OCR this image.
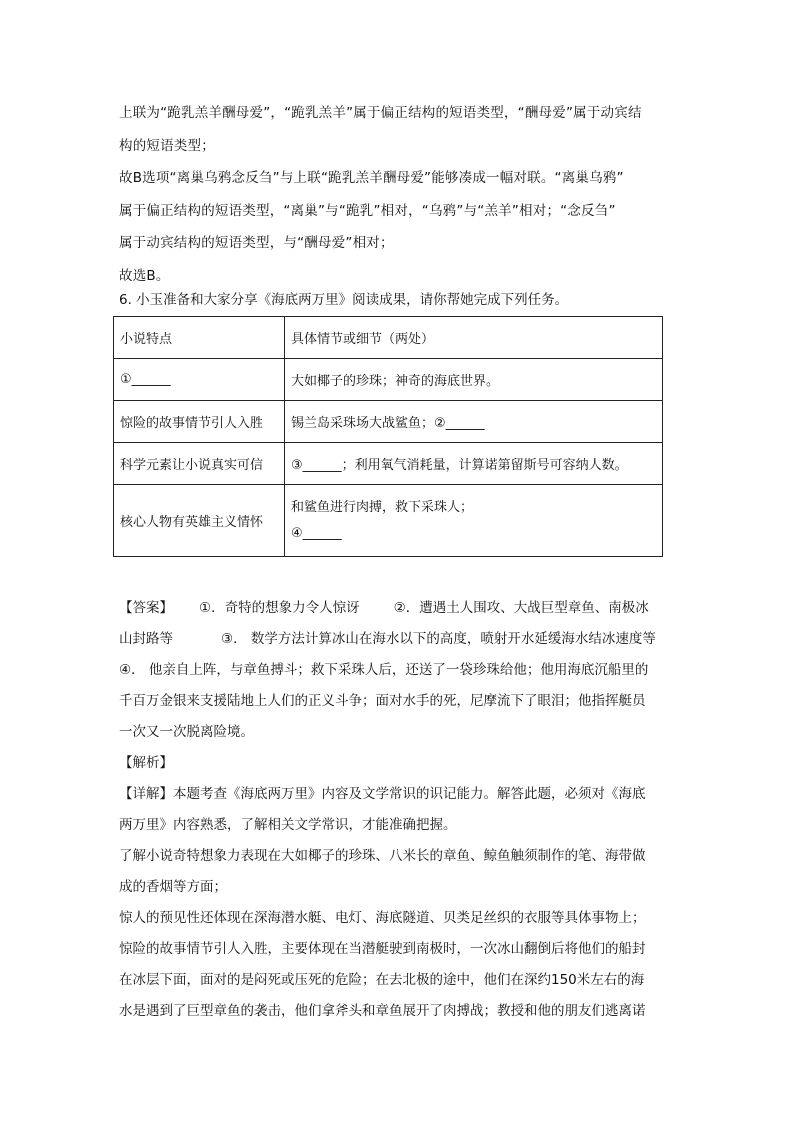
上联为“跪乳羔羊酬母爱”，“跪乳羔羊”属于偏正结构的短语类型，“酬母爱”属于动宾结
构的短语类型；
故B选项“离巢乌鸦念反刍”与上联“跪乳羔羊酬母爱”能够凑成一幅对联。“离巢乌鸦”
属于偏正结构的短语类型，“离巢”与“跪乳”相对，“乌鸦”与“羔羊”相对；“念反刍”
属于动宾结构的短语类型，与“酬母爱”相对；
故选B。
6. 小玉准备和大家分享《海底两万里》阅读成果，请你帮她完成下列任务。
小说特点	具体情节或细节（两处）
①______	大如椰子的珍珠；神奇的海底世界。
惊险的故事情节引人入胜	锡兰岛采珠场大战鲨鱼；②______
科学元素让小说真实可信	③______；利用氧气消耗量，计算诺第留斯号可容纳人数。
核心人物有英雄主义情怀	和鲨鱼进行肉搏，救下采珠人；
④______
【答案】 ①．奇特的想象力令人惊讶	②．遭遇土人围攻、大战巨型章鱼、南极冰
山封路等	③． 数学方法计算冰山在海水以下的高度，喷射开水延缓海水结冰速度等
④． 他亲自上阵，与章鱼搏斗；救下采珠人后，还送了一袋珍珠给他；他用海底沉船里的
千百万金银来支援陆地上人们的正义斗争；面对水手的死，尼摩流下了眼泪；他指挥艇员
一次又一次脱离险境。
【解析】
【详解】本题考查《海底两万里》内容及文学常识的识记能力。解答此题，必须对《海底
两万里》内容熟悉，了解相关文学常识，才能准确把握。
了解小说奇特想象力表现在大如椰子的珍珠、八米长的章鱼、鲸鱼触须制作的笔、海带做
成的香烟等方面；
惊人的预见性还体现在深海潜水艇、电灯、海底隧道、贝类足丝织的衣服等具体事物上；
惊险的故事情节引人入胜，主要体现在当潜艇驶到南极时，一次冰山翻倒后将他们的船封
在冰层下面，面对的是闷死或压死的危险；在去北极的途中，他们在深约150米左右的海
水是遇到了巨型章鱼的袭击，他们拿斧头和章鱼展开了肉搏战；教授和他的朋友们逃离诺
